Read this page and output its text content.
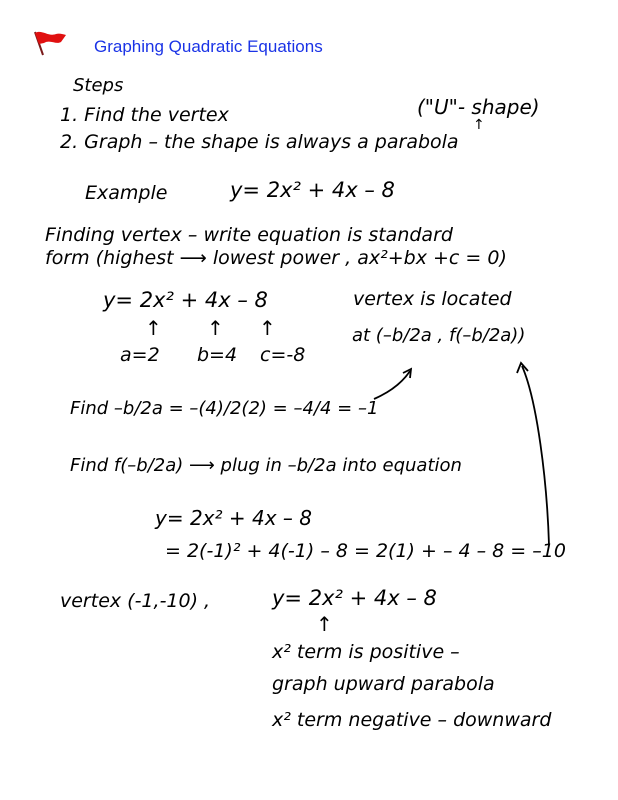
Graphing Quadratic Equations
Steps
1. Find the vertex	("U"- shape)
↑
2. Graph – the shape is always a parabola
Example	y= 2x² + 4x – 8
Finding vertex – write equation is standard
form (highest ⟶ lowest power , ax²+bx +c = 0)
y= 2x² + 4x – 8
↑ ↑ ↑
a=2 b=4 c=-8
vertex is located
at (–b/2a , f(–b/2a))
Find –b/2a = –(4)/2(2) = –4/4 = –1
Find f(–b/2a) ⟶ plug in –b/2a into equation
y= 2x² + 4x – 8
= 2(-1)² + 4(-1) – 8 = 2(1) + – 4 – 8 = –10
vertex (-1,-10) ,	y= 2x² + 4x – 8
↑
x² term is positive –
graph upward parabola
x² term negative – downward
